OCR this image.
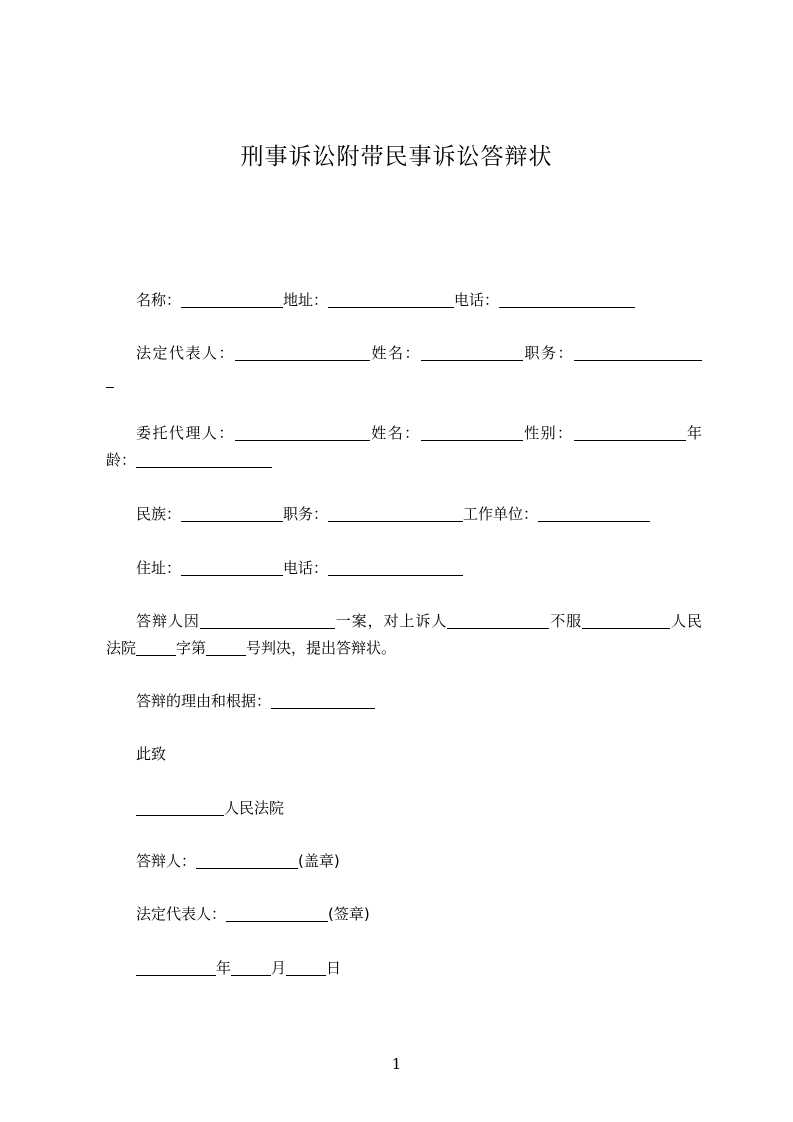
刑事诉讼附带民事诉讼答辩状
名称：	地址：	电话：
法定代表人：	姓名：	职务：
委托代理人：	姓名：	性别：	年
龄：
民族：	职务：	工作单位：
住址：	电话：
答辩人因	一案，对上诉人	不服	人民
法院	字第	号判决，提出答辩状。
答辩的理由和根据：
此致
人民法院
答辩人：	(盖章)
法定代表人：	(签章)
年	月	日
1
